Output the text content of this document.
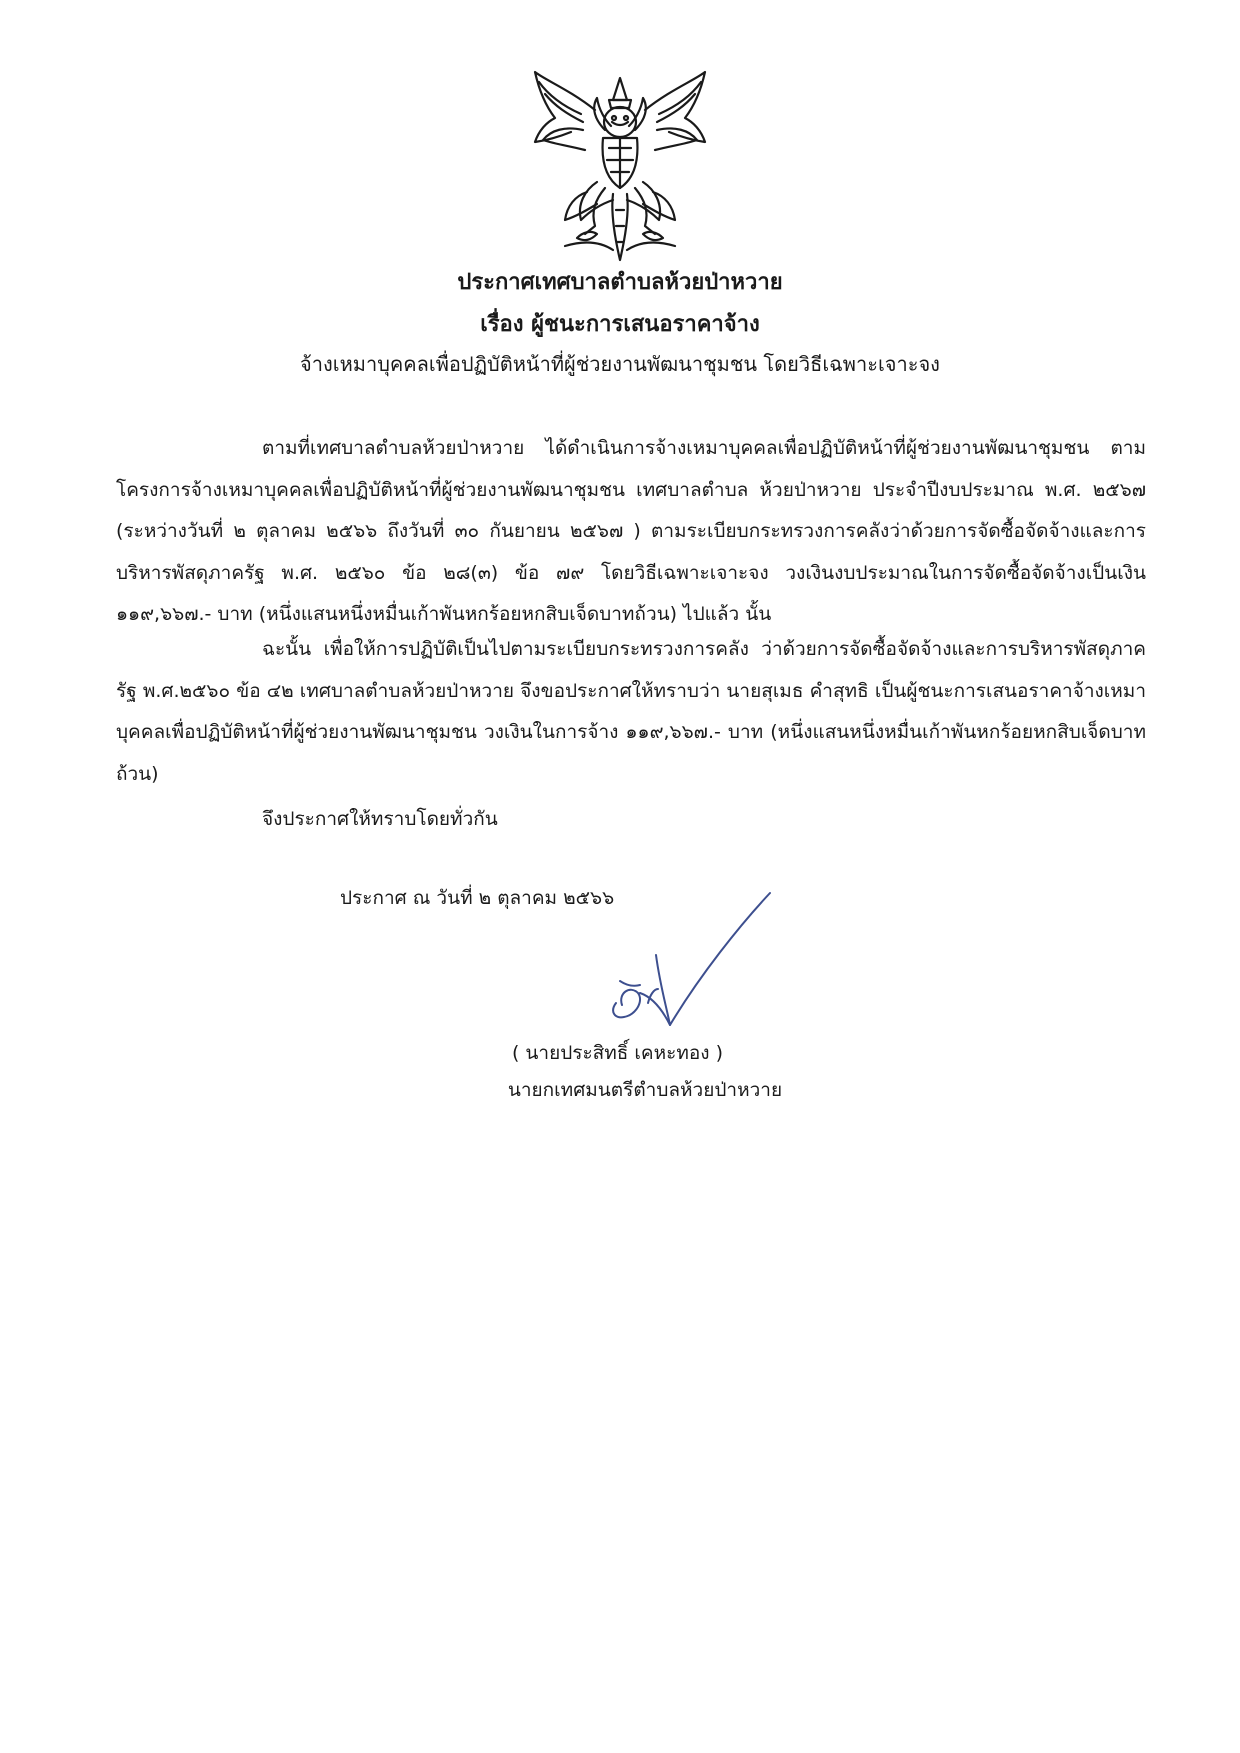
ประกาศเทศบาลตำบลห้วยป่าหวาย
เรื่อง ผู้ชนะการเสนอราคาจ้าง
จ้างเหมาบุคคลเพื่อปฏิบัติหน้าที่ผู้ช่วยงานพัฒนาชุมชน โดยวิธีเฉพาะเจาะจง

ตามที่เทศบาลตำบลห้วยป่าหวาย ได้ดำเนินการจ้างเหมาบุคคลเพื่อปฏิบัติหน้าที่ผู้ช่วยงานพัฒนาชุมชน ตามโครงการจ้างเหมาบุคคลเพื่อปฏิบัติหน้าที่ผู้ช่วยงานพัฒนาชุมชน เทศบาลตำบล ห้วยป่าหวาย ประจำปีงบประมาณ พ.ศ. ๒๕๖๗ (ระหว่างวันที่ ๒ ตุลาคม ๒๕๖๖ ถึงวันที่ ๓๐ กันยายน ๒๕๖๗ ) ตามระเบียบกระทรวงการคลังว่าด้วยการจัดซื้อจัดจ้างและการบริหารพัสดุภาครัฐ พ.ศ. ๒๕๖๐ ข้อ ๒๘(๓) ข้อ ๗๙ โดยวิธีเฉพาะเจาะจง วงเงินงบประมาณในการจัดซื้อจัดจ้างเป็นเงิน ๑๑๙,๖๖๗.- บาท (หนึ่งแสนหนึ่งหมื่นเก้าพันหกร้อยหกสิบเจ็ดบาทถ้วน) ไปแล้ว นั้น

ฉะนั้น เพื่อให้การปฏิบัติเป็นไปตามระเบียบกระทรวงการคลัง ว่าด้วยการจัดซื้อจัดจ้างและการบริหารพัสดุภาครัฐ พ.ศ.๒๕๖๐ ข้อ ๔๒ เทศบาลตำบลห้วยป่าหวาย จึงขอประกาศให้ทราบว่า นายสุเมธ คำสุทธิ เป็นผู้ชนะการเสนอราคาจ้างเหมาบุคคลเพื่อปฏิบัติหน้าที่ผู้ช่วยงานพัฒนาชุมชน วงเงินในการจ้าง ๑๑๙,๖๖๗.- บาท (หนึ่งแสนหนึ่งหมื่นเก้าพันหกร้อยหกสิบเจ็ดบาทถ้วน)

จึงประกาศให้ทราบโดยทั่วกัน

ประกาศ ณ วันที่ ๒ ตุลาคม ๒๕๖๖
( นายประสิทธิ์ เคหะทอง )
นายกเทศมนตรีตำบลห้วยป่าหวาย
